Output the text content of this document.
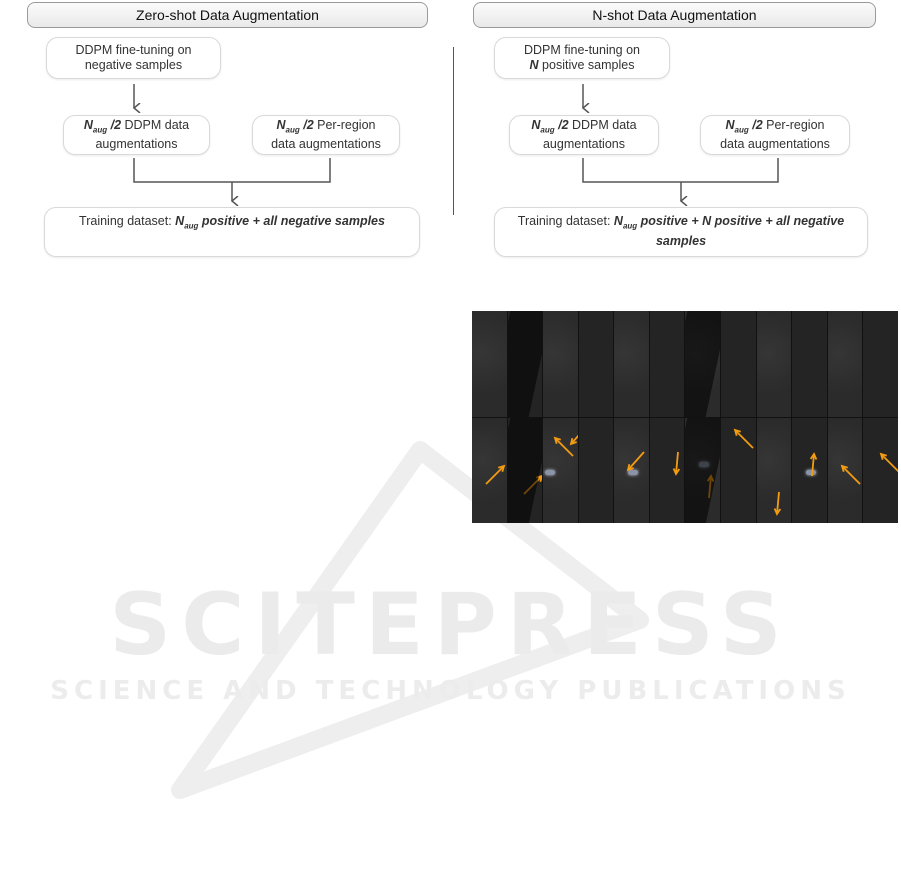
Zero-shot Data Augmentation
DDPM fine-tuning on
negative samples
$N_{aug}$ /2 DDPM data
augmentations
$N_{aug}$ /2 Per-region
data augmentations
Training dataset: $N_{aug}$ positive + all negative samples
N-shot Data Augmentation
DDPM fine-tuning on
N positive samples
$N_{aug}$ /2 DDPM data
augmentations
$N_{aug}$ /2 Per-region
data augmentations
Training dataset: $N_{aug}$ positive + N positive + all negative
samples
SCITEPRESS
SCIENCE AND TECHNOLOGY PUBLICATIONS
